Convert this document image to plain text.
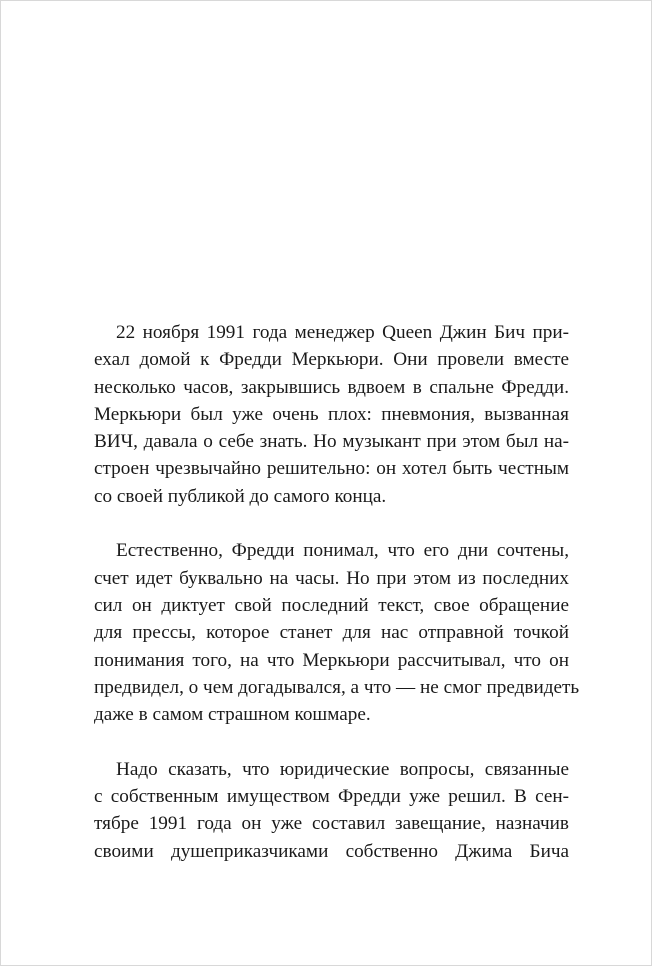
22 ноября 1991 года менеджер Queen Джин Бич при-
ехал домой к Фредди Меркьюри. Они провели вместе
несколько часов, закрывшись вдвоем в спальне Фредди.
Меркьюри был уже очень плох: пневмония, вызванная
ВИЧ, давала о себе знать. Но музыкант при этом был на-
строен чрезвычайно решительно: он хотел быть честным
со своей публикой до самого конца.
Естественно, Фредди понимал, что его дни сочтены,
счет идет буквально на часы. Но при этом из последних
сил он диктует свой последний текст, свое обращение
для прессы, которое станет для нас отправной точкой
понимания того, на что Меркьюри рассчитывал, что он
предвидел, о чем догадывался, а что — не смог предвидеть
даже в самом страшном кошмаре.
Надо сказать, что юридические вопросы, связанные
с собственным имуществом Фредди уже решил. В сен-
тябре 1991 года он уже составил завещание, назначив
своими душеприказчиками собственно Джима Бича
